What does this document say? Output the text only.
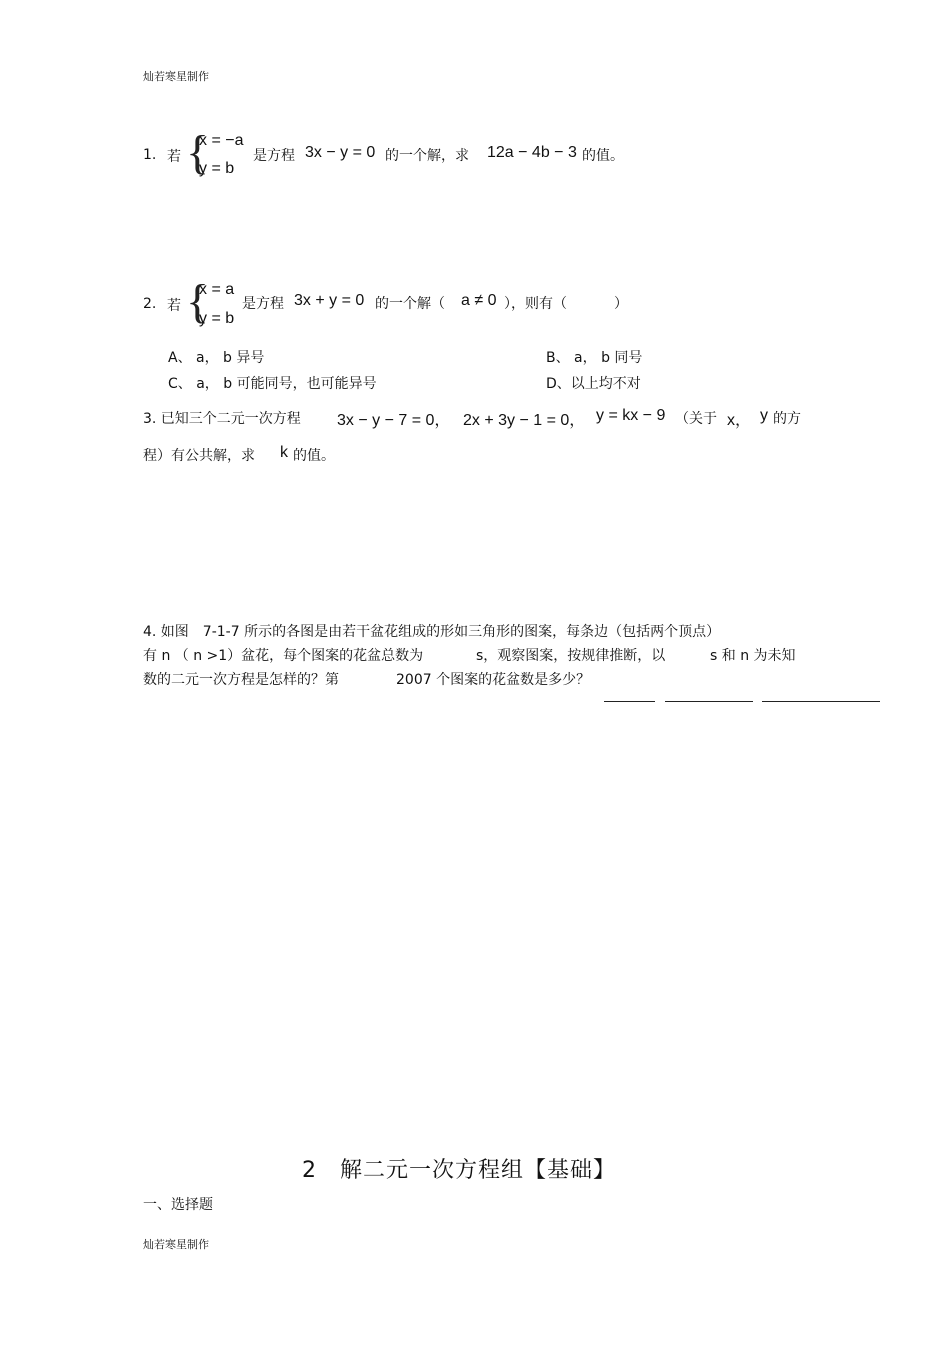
灿若寒星制作
1. 若 {
x = −a
y = b
是方程 3x − y = 0 的一个解，求 12a − 4b − 3 的值。
2. 若 {
x = a
y = b
是方程 3x + y = 0 的一个解（ a ≠ 0 ），则有（	）
A、 a， b 异号	B、 a， b 同号
C、 a， b 可能同号，也可能异号	D、以上均不对
3. 已知三个二元一次方程 3x − y − 7 = 0， 2x + 3y − 1 = 0， y = kx − 9 （关于 x， y 的方
程）有公共解，求 k 的值。
4. 如图　7-1-7 所示的各图是由若干盆花组成的形如三角形的图案，每条边（包括两个顶点）
有 n （ n >1）盆花，每个图案的花盆总数为	s，观察图案，按规律推断，以	s 和 n 为未知
数的二元一次方程是怎样的？第	2007 个图案的花盆数是多少？
2　解二元一次方程组【基础】
一、选择题
灿若寒星制作
